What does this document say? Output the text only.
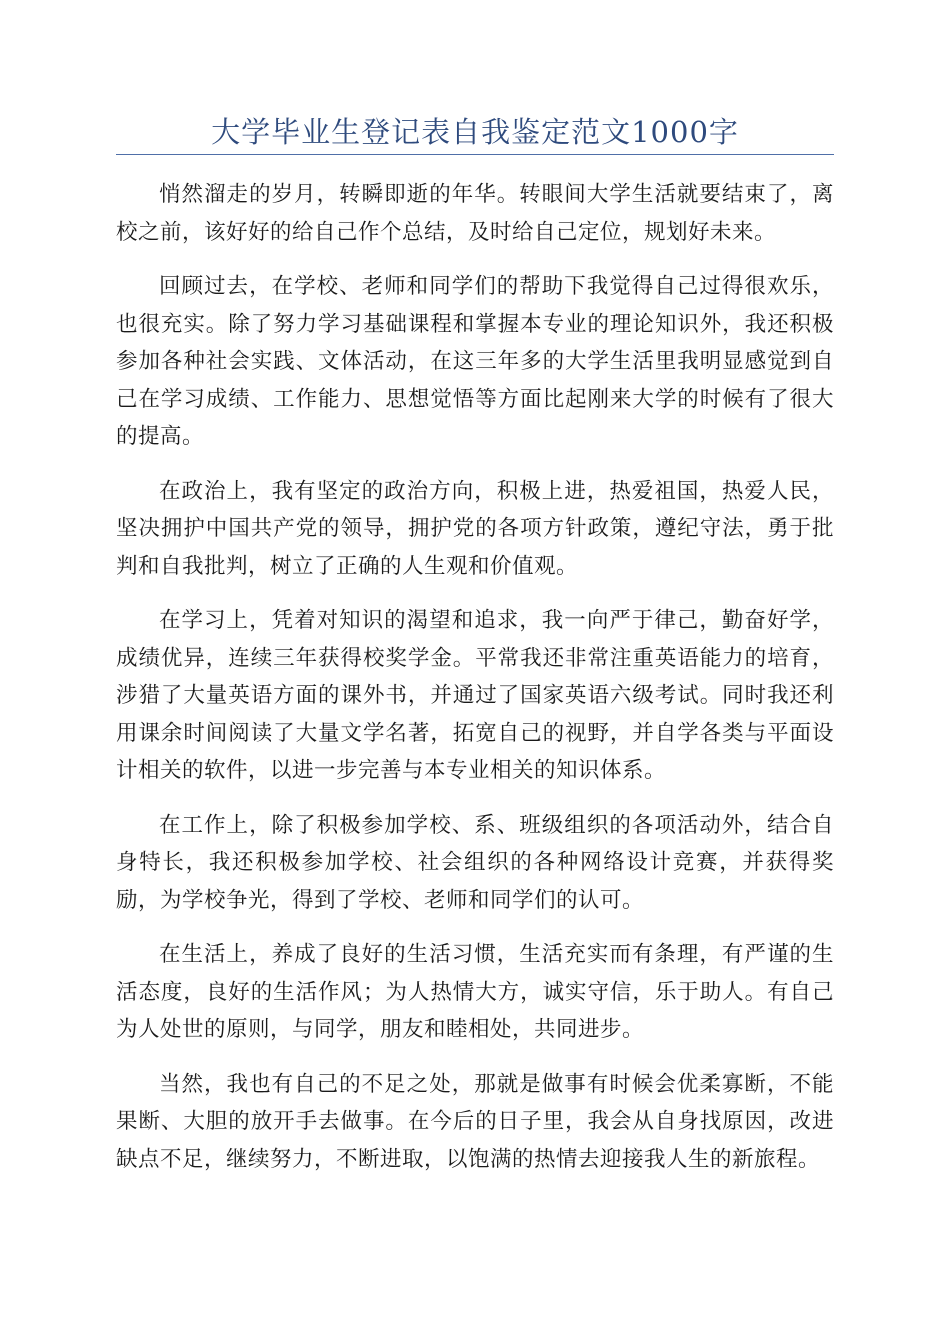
大学毕业生登记表自我鉴定范文1000字

悄然溜走的岁月，转瞬即逝的年华。转眼间大学生活就要结束了，离校之前，该好好的给自己作个总结，及时给自己定位，规划好未来。

回顾过去，在学校、老师和同学们的帮助下我觉得自己过得很欢乐，也很充实。除了努力学习基础课程和掌握本专业的理论知识外，我还积极参加各种社会实践、文体活动，在这三年多的大学生活里我明显感觉到自己在学习成绩、工作能力、思想觉悟等方面比起刚来大学的时候有了很大的提高。

在政治上，我有坚定的政治方向，积极上进，热爱祖国，热爱人民，坚决拥护中国共产党的领导，拥护党的各项方针政策，遵纪守法，勇于批判和自我批判，树立了正确的人生观和价值观。

在学习上，凭着对知识的渴望和追求，我一向严于律己，勤奋好学，成绩优异，连续三年获得校奖学金。平常我还非常注重英语能力的培育，涉猎了大量英语方面的课外书，并通过了国家英语六级考试。同时我还利用课余时间阅读了大量文学名著，拓宽自己的视野，并自学各类与平面设计相关的软件，以进一步完善与本专业相关的知识体系。

在工作上，除了积极参加学校、系、班级组织的各项活动外，结合自身特长，我还积极参加学校、社会组织的各种网络设计竞赛，并获得奖励，为学校争光，得到了学校、老师和同学们的认可。

在生活上，养成了良好的生活习惯，生活充实而有条理，有严谨的生活态度，良好的生活作风；为人热情大方，诚实守信，乐于助人。有自己为人处世的原则，与同学，朋友和睦相处，共同进步。

当然，我也有自己的不足之处，那就是做事有时候会优柔寡断，不能果断、大胆的放开手去做事。在今后的日子里，我会从自身找原因，改进缺点不足，继续努力，不断进取，以饱满的热情去迎接我人生的新旅程。
